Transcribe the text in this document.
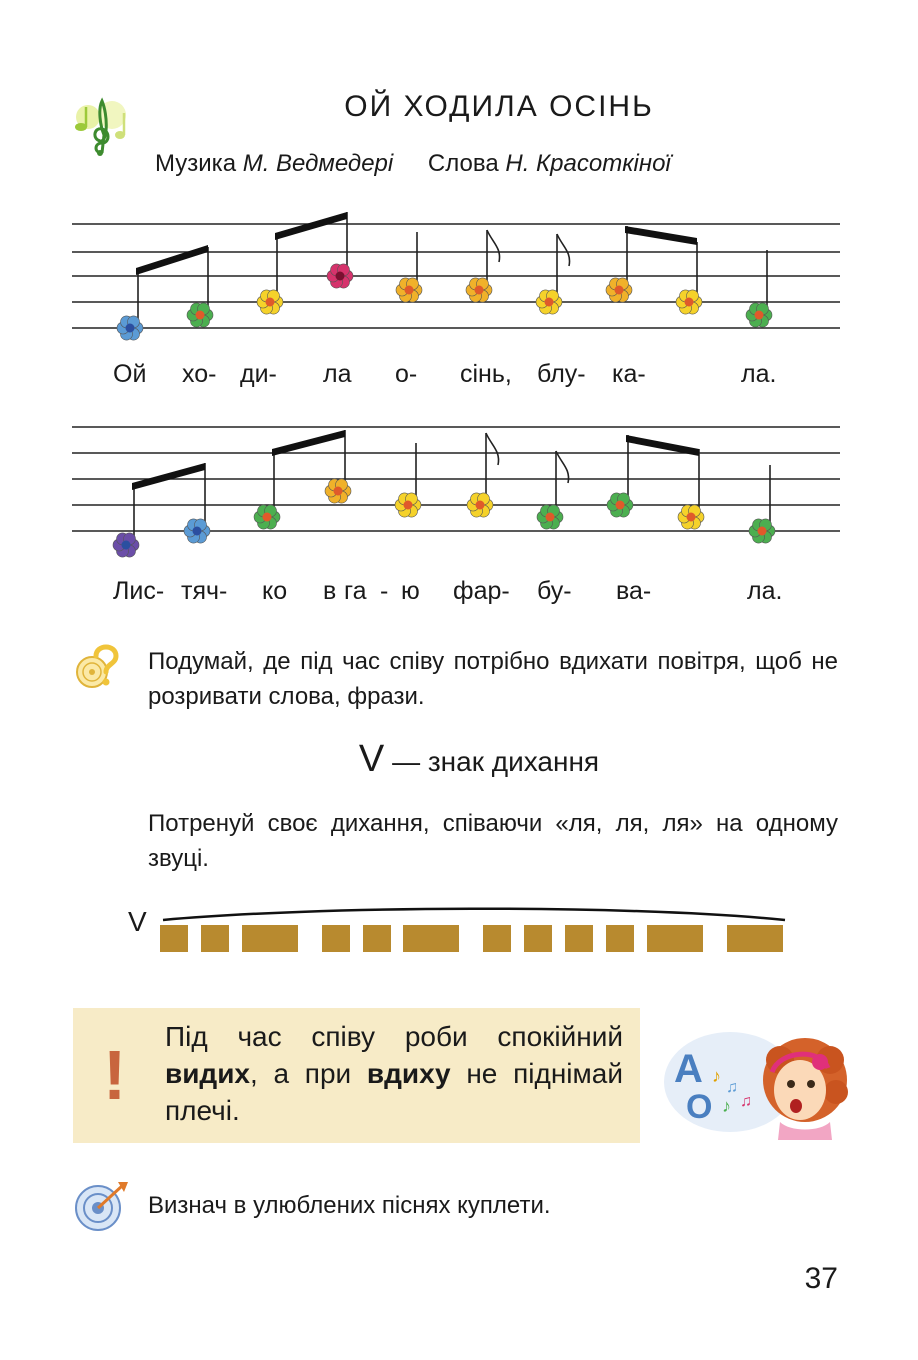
ОЙ ХОДИЛА ОСІНЬ
Музика М. Ведмедері Слова Н. Красоткіної
Ой хо- ди- ла о- сінь, блу- ка-	ла.
Лис- тяч- ко в га - ю фар- бу- ва-	ла.
Подумай, де під час співу потрібно вдихати повітря, щоб не розривати слова, фрази.
V — знак дихання
Потренуй своє дихання, співаючи «ля, ля, ля» на одному звуці.
V
! Під час співу роби спокійний видих, а при вдиху не піднімай плечі.
А
О
♪
♫
♪ ♫
Визнач в улюблених піснях куплети.
37
